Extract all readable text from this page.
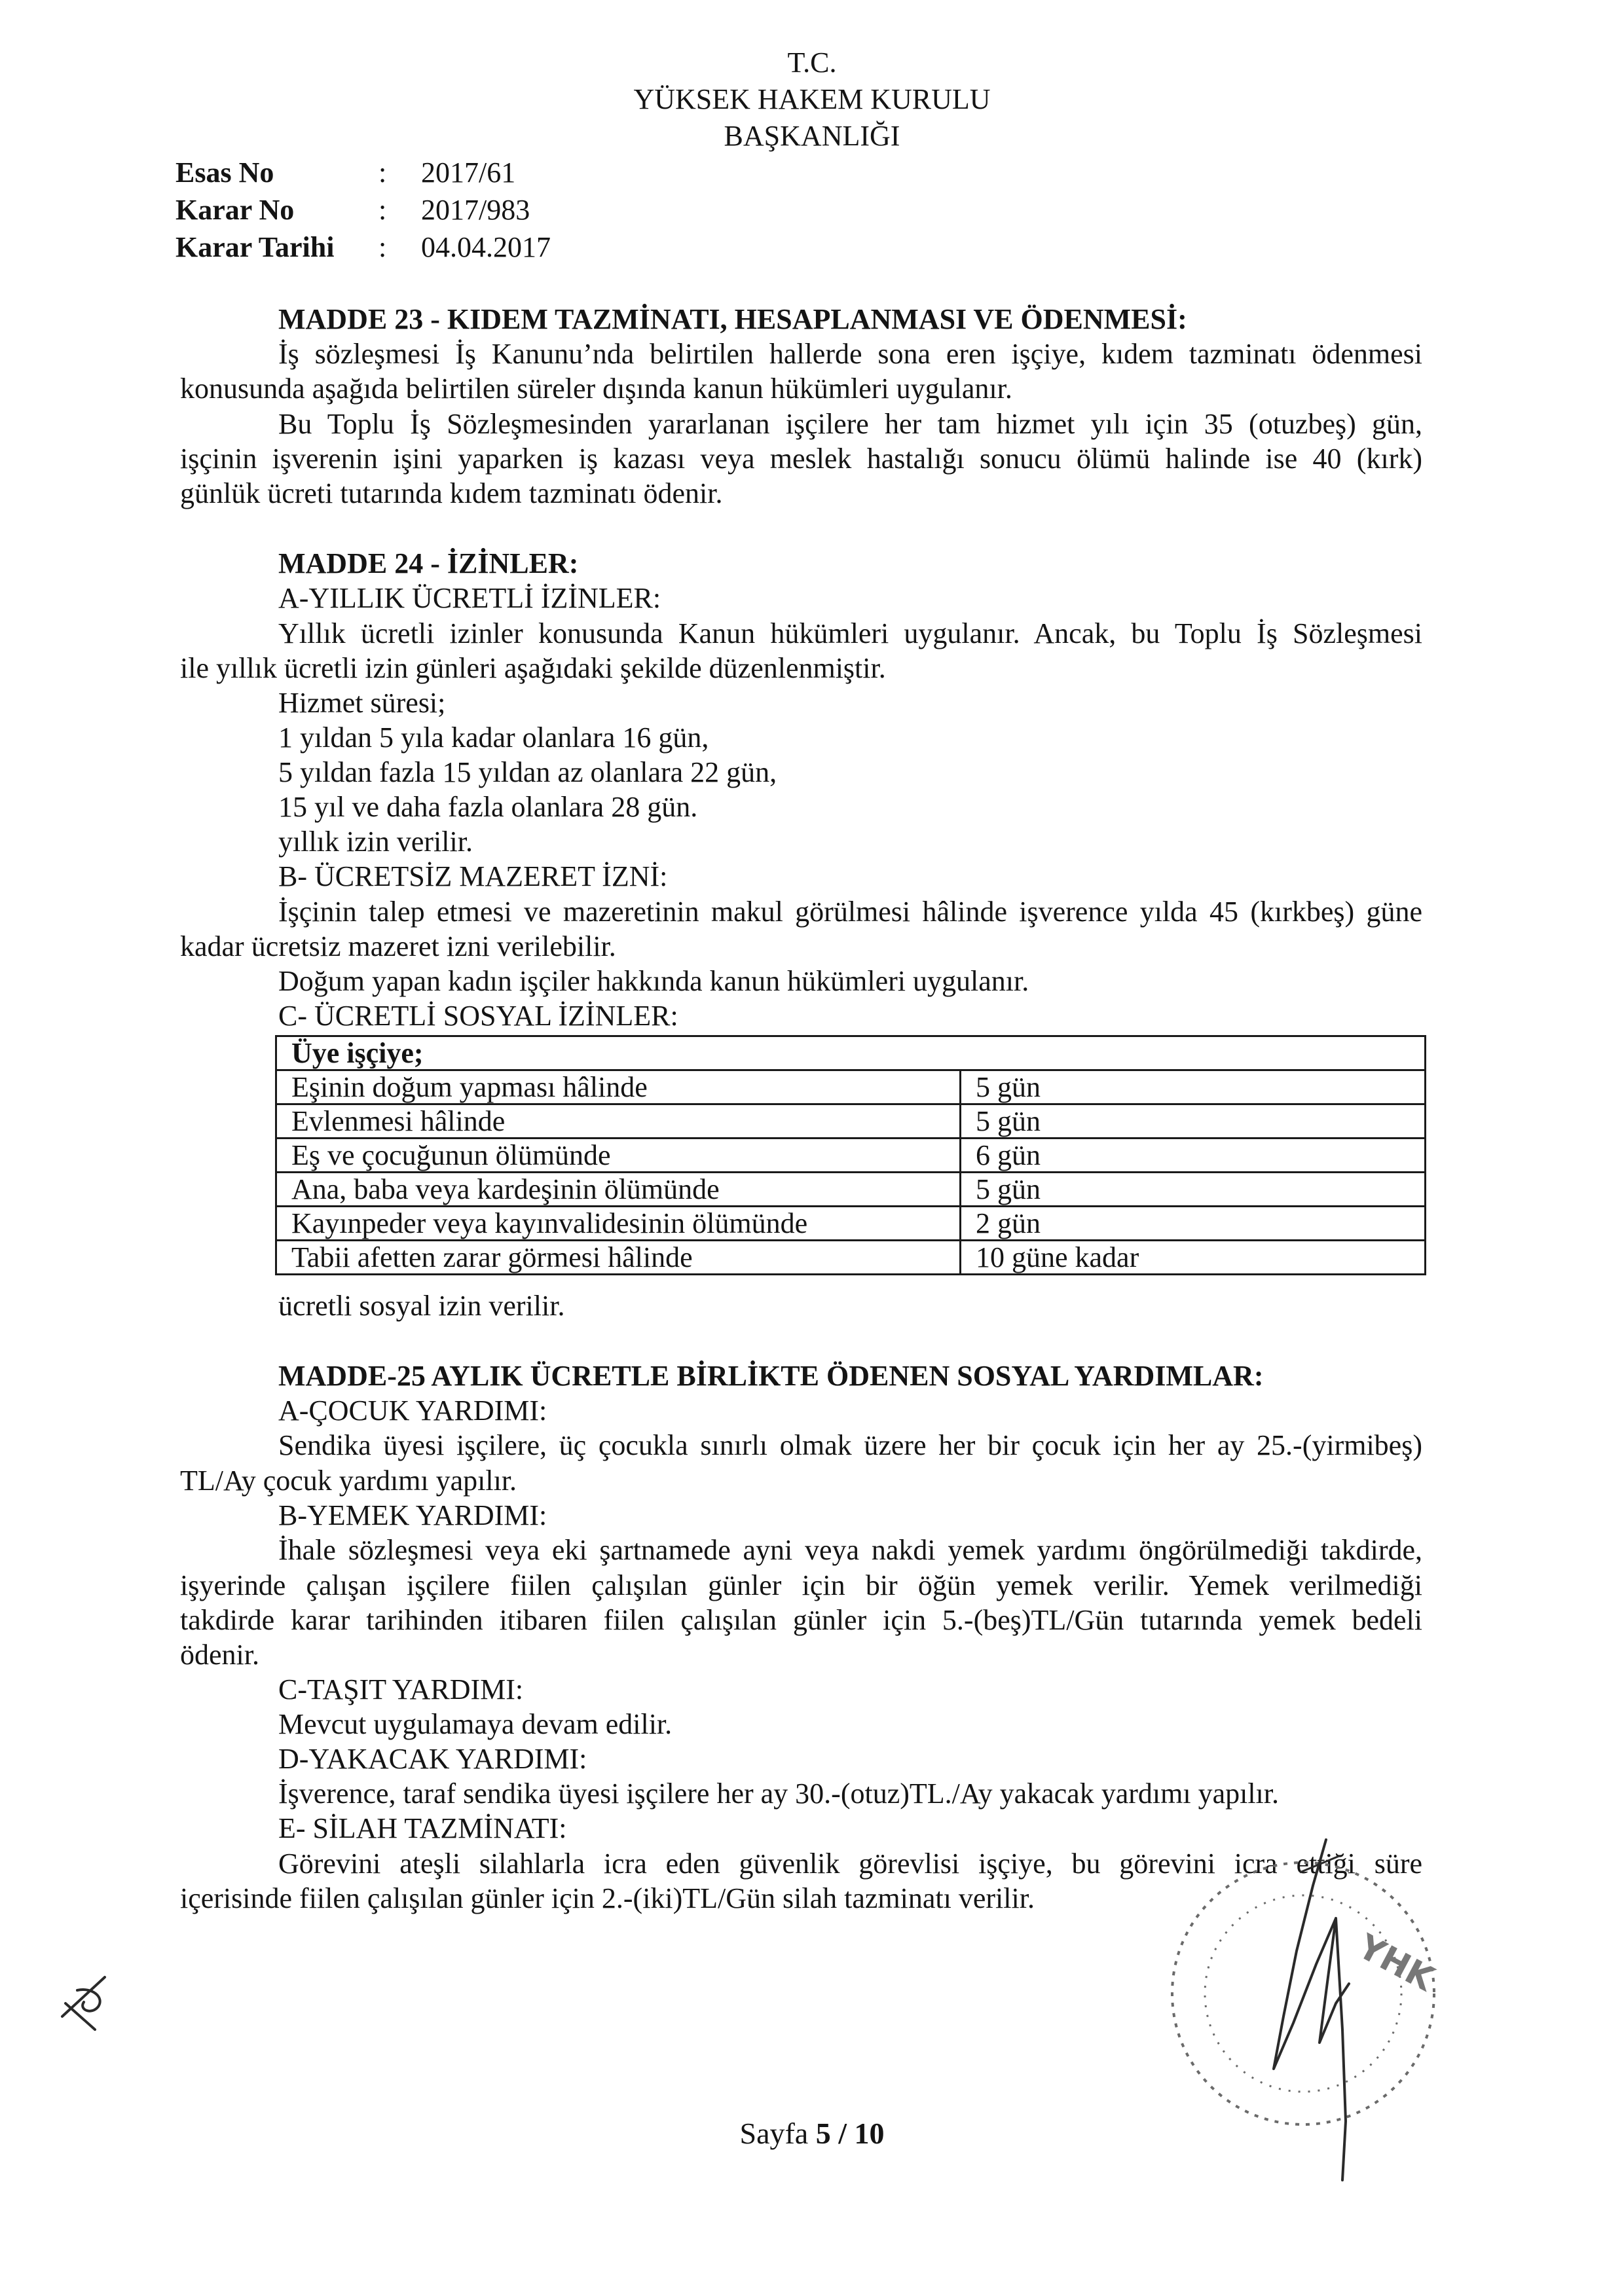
T.C.
YÜKSEK HAKEM KURULU
BAŞKANLIĞI
Esas No	: 2017/61
Karar No	: 2017/983
Karar Tarihi : 04.04.2017
MADDE 23 - KIDEM TAZMİNATI, HESAPLANMASI VE ÖDENMESİ:
İş sözleşmesi İş Kanunu’nda belirtilen hallerde sona eren işçiye, kıdem tazminatı ödenmesi
konusunda aşağıda belirtilen süreler dışında kanun hükümleri uygulanır.
Bu Toplu İş Sözleşmesinden yararlanan işçilere her tam hizmet yılı için 35 (otuzbeş) gün,
işçinin işverenin işini yaparken iş kazası veya meslek hastalığı sonucu ölümü halinde ise 40 (kırk)
günlük ücreti tutarında kıdem tazminatı ödenir.
MADDE 24 - İZİNLER:
A-YILLIK ÜCRETLİ İZİNLER:
Yıllık ücretli izinler konusunda Kanun hükümleri uygulanır. Ancak, bu Toplu İş Sözleşmesi
ile yıllık ücretli izin günleri aşağıdaki şekilde düzenlenmiştir.
Hizmet süresi;
1 yıldan 5 yıla kadar olanlara 16 gün,
5 yıldan fazla 15 yıldan az olanlara 22 gün,
15 yıl ve daha fazla olanlara 28 gün.
yıllık izin verilir.
B- ÜCRETSİZ MAZERET İZNİ:
İşçinin talep etmesi ve mazeretinin makul görülmesi hâlinde işverence yılda 45 (kırkbeş) güne
kadar ücretsiz mazeret izni verilebilir.
Doğum yapan kadın işçiler hakkında kanun hükümleri uygulanır.
C- ÜCRETLİ SOSYAL İZİNLER:
Üye işçiye;	
Eşinin doğum yapması hâlinde	5 gün
Evlenmesi hâlinde	5 gün
Eş ve çocuğunun ölümünde	6 gün
Ana, baba veya kardeşinin ölümünde	5 gün
Kayınpeder veya kayınvalidesinin ölümünde	2 gün
Tabii afetten zarar görmesi hâlinde	10 güne kadar
ücretli sosyal izin verilir.
MADDE-25 AYLIK ÜCRETLE BİRLİKTE ÖDENEN SOSYAL YARDIMLAR:
A-ÇOCUK YARDIMI:
Sendika üyesi işçilere, üç çocukla sınırlı olmak üzere her bir çocuk için her ay 25.-(yirmibeş)
TL/Ay çocuk yardımı yapılır.
B-YEMEK YARDIMI:
İhale sözleşmesi veya eki şartnamede ayni veya nakdi yemek yardımı öngörülmediği takdirde,
işyerinde çalışan işçilere fiilen çalışılan günler için bir öğün yemek verilir. Yemek verilmediği
takdirde karar tarihinden itibaren fiilen çalışılan günler için 5.-(beş)TL/Gün tutarında yemek bedeli
ödenir.
C-TAŞIT YARDIMI:
Mevcut uygulamaya devam edilir.
D-YAKACAK YARDIMI:
İşverence, taraf sendika üyesi işçilere her ay 30.-(otuz)TL./Ay yakacak yardımı yapılır.
E- SİLAH TAZMİNATI:
Görevini ateşli silahlarla icra eden güvenlik görevlisi işçiye, bu görevini icra ettiği süre
içerisinde fiilen çalışılan günler için 2.-(iki)TL/Gün silah tazminatı verilir.
Sayfa 5 / 10
YHK
